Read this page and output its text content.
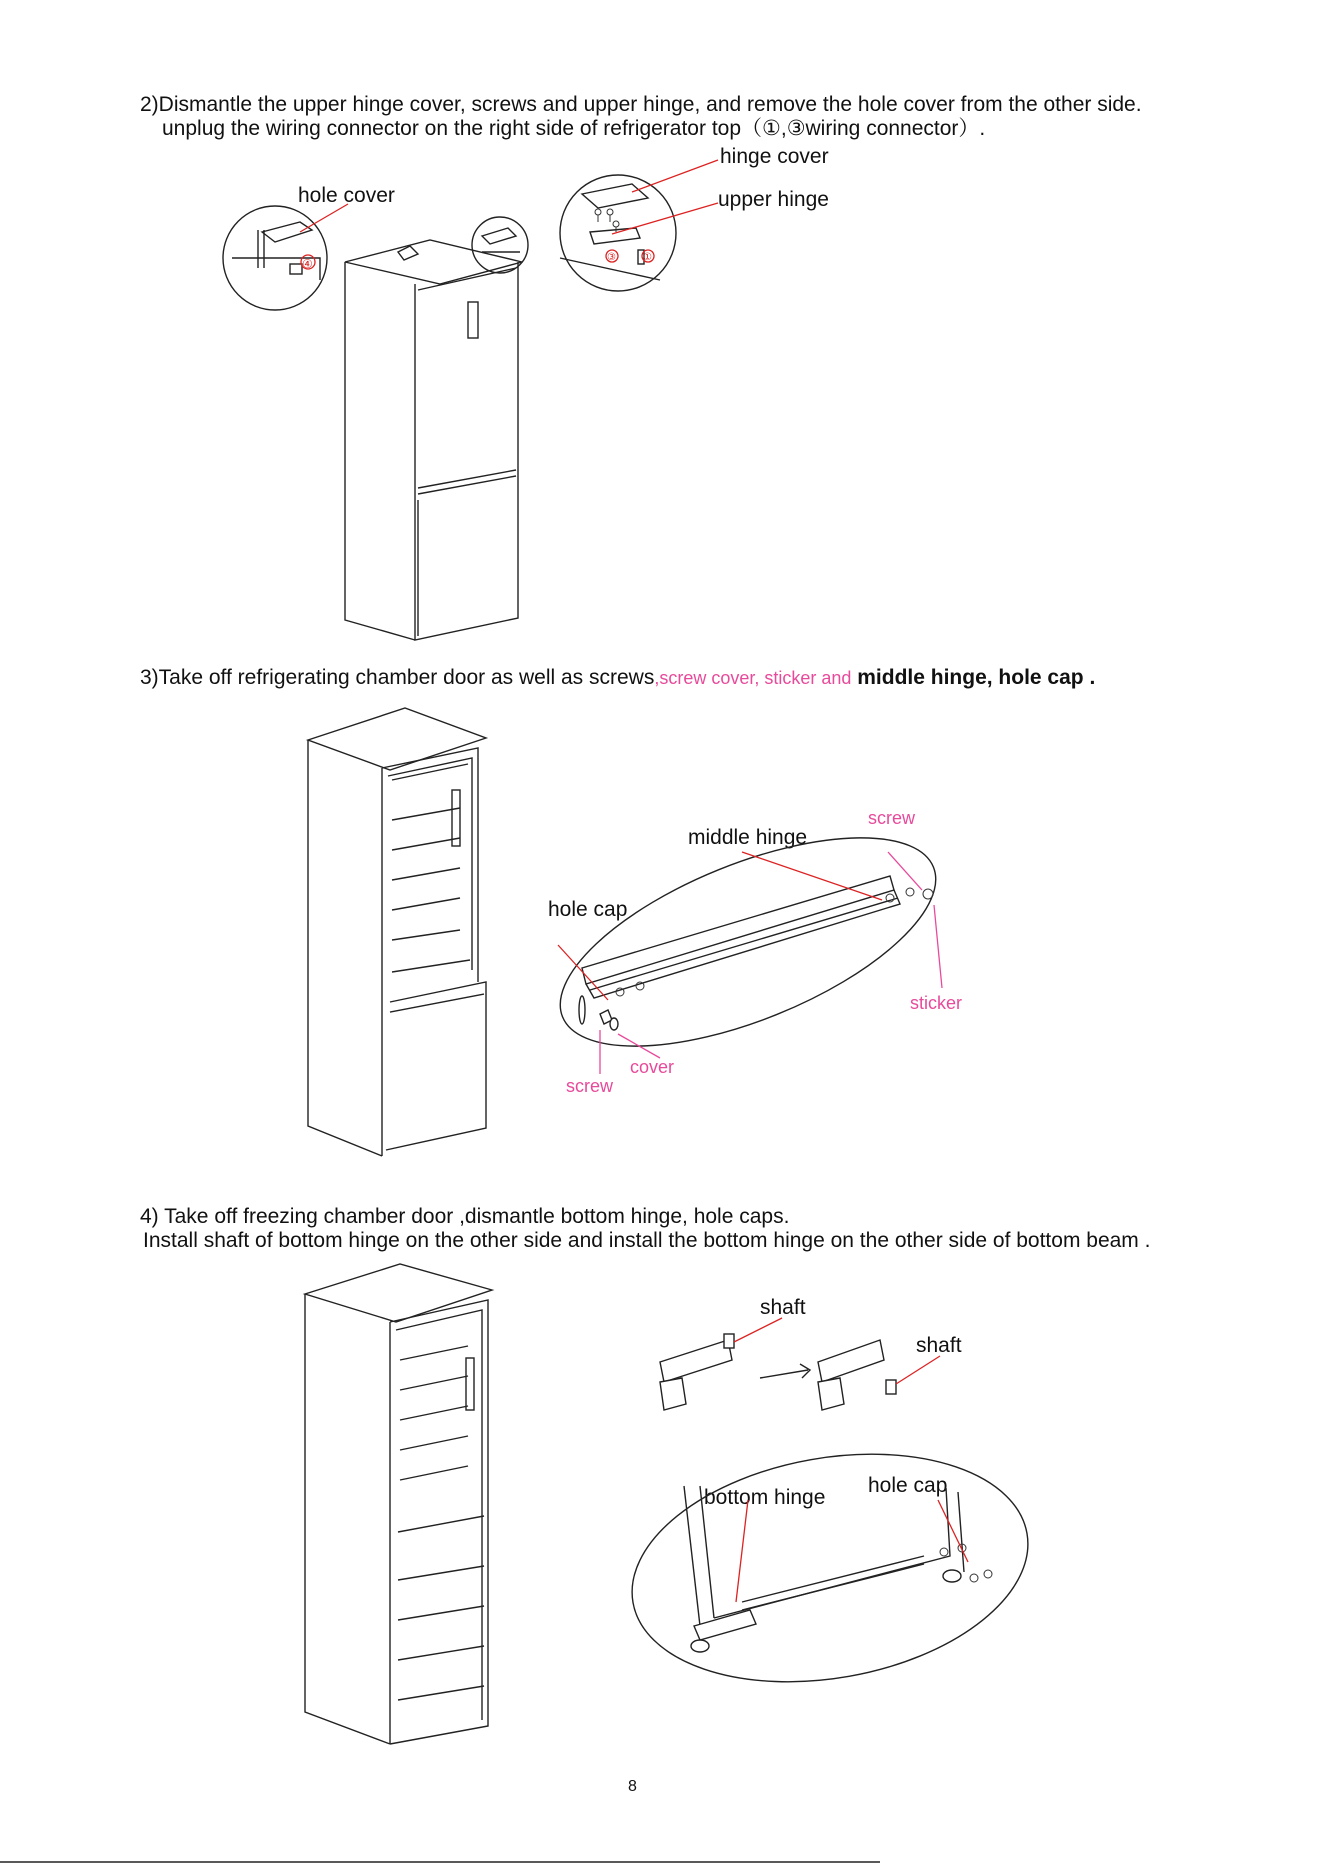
2)Dismantle the upper hinge cover, screws and upper hinge, and remove the hole cover from the other side.
unplug the wiring connector on the right side of refrigerator top（①,③wiring connector）.
hinge cover
upper hinge
hole cover
④	③	①
3)Take off refrigerating chamber door as well as screws,screw cover, sticker and middle hinge, hole cap .
middle hinge
hole cap
screw
sticker
cover
screw
4) Take off freezing chamber door ,dismantle bottom hinge, hole caps.
Install shaft of bottom hinge on the other side and install the bottom hinge on the other side of bottom beam .
shaft
shaft
bottom hinge
hole cap
8
